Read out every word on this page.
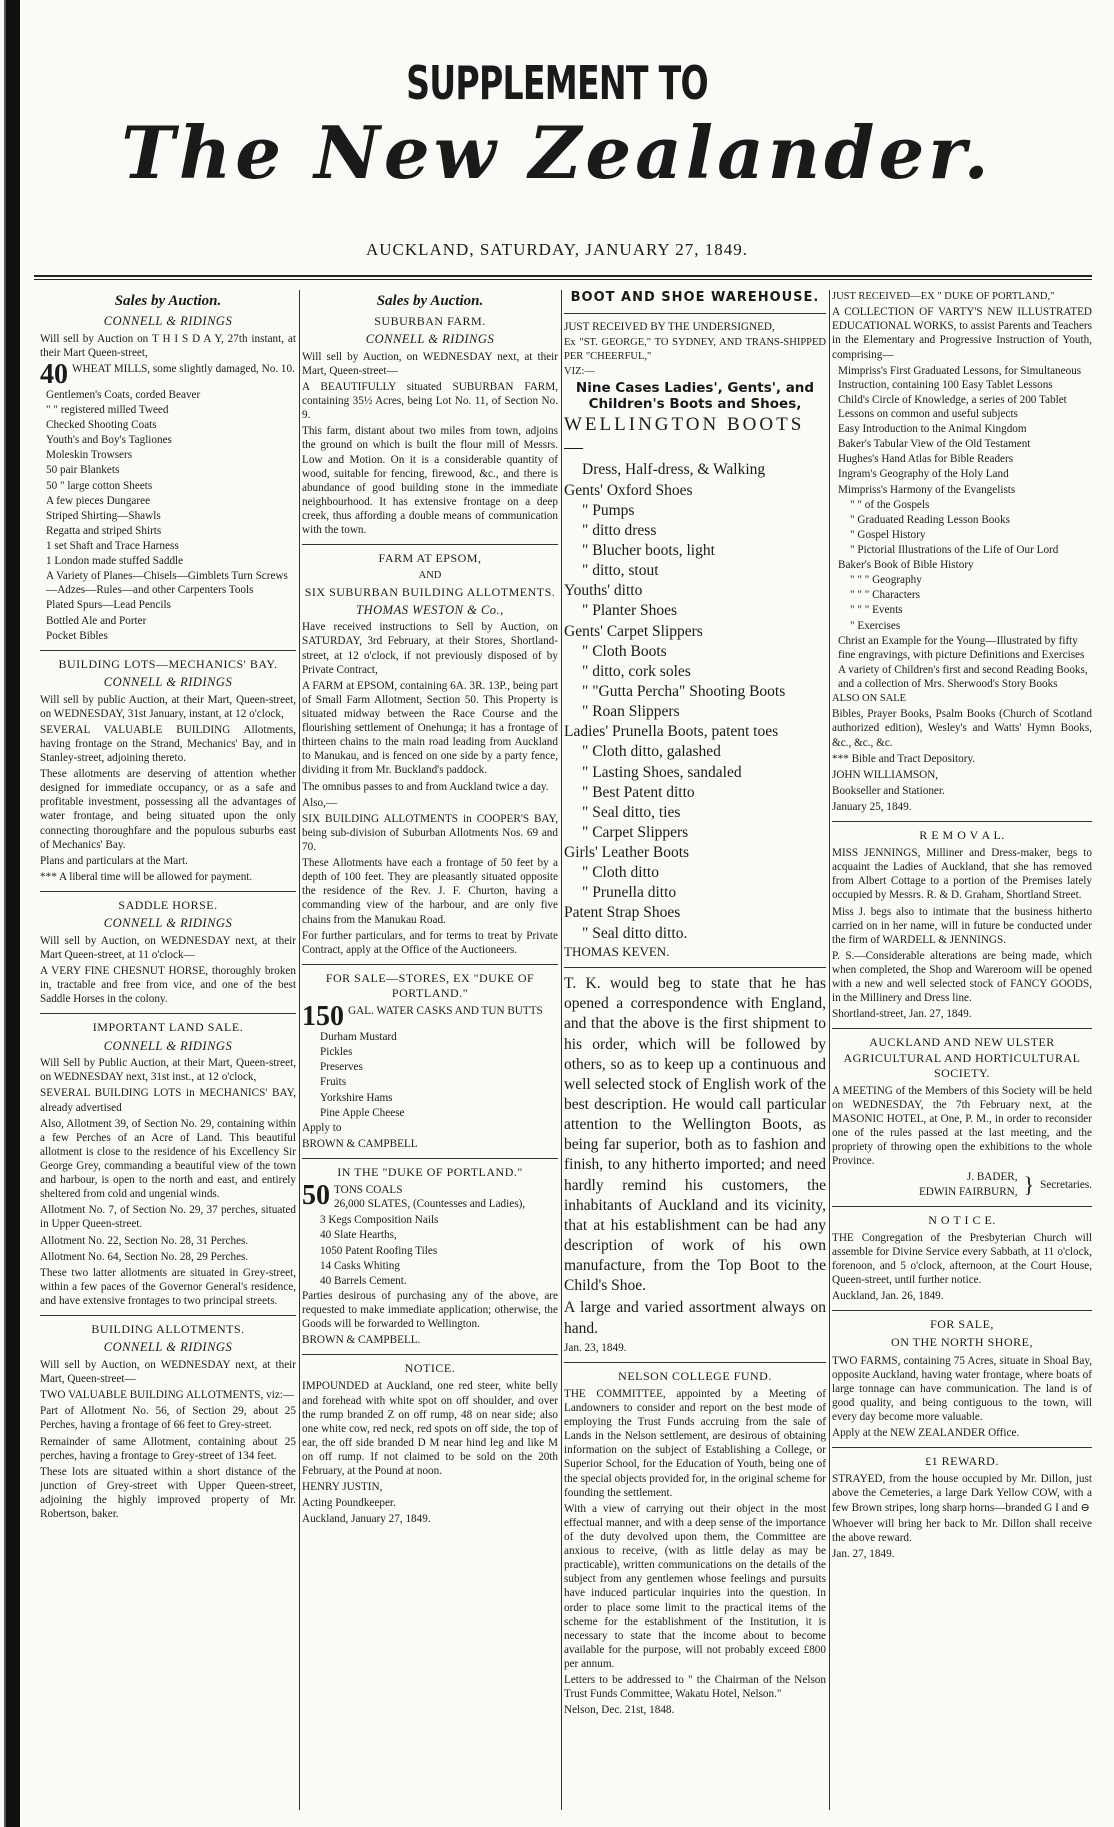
SUPPLEMENT TO
The New Zealander.
AUCKLAND, SATURDAY, JANUARY 27, 1849.
Sales by Auction.
CONNELL & RIDINGS

Will sell by Auction on T H I S D A Y, 27th instant, at their Mart Queen-street,

40 WHEAT MILLS, some slightly damaged, No. 10.

Gentlemen's Coats, corded Beaver
" " registered milled Tweed
Checked Shooting Coats
Youth's and Boy's Tagliones
Moleskin Trowsers
50 pair Blankets
50 " large cotton Sheets
A few pieces Dungaree
Striped Shirting—Shawls
Regatta and striped Shirts
1 set Shaft and Trace Harness
1 London made stuffed Saddle
A Variety of Planes—Chisels—Gimblets Turn Screws—Adzes—Rules—and other Carpenters Tools
Plated Spurs—Lead Pencils
Bottled Ale and Porter
Pocket Bibles
BUILDING LOTS—MECHANICS' BAY.
CONNELL & RIDINGS

Will sell by public Auction, at their Mart, Queen-street, on WEDNESDAY, 31st January, instant, at 12 o'clock,

SEVERAL VALUABLE BUILDING Allotments, having frontage on the Strand, Mechanics' Bay, and in Stanley-street, adjoining thereto.

These allotments are deserving of attention whether designed for immediate occupancy, or as a safe and profitable investment, possessing all the advantages of water frontage, and being situated upon the only connecting thoroughfare and the populous suburbs east of Mechanics' Bay.

Plans and particulars at the Mart.

*** A liberal time will be allowed for payment.

SADDLE HORSE.
CONNELL & RIDINGS

Will sell by Auction, on WEDNESDAY next, at their Mart Queen-street, at 11 o'clock—

A VERY FINE CHESNUT HORSE, thoroughly broken in, tractable and free from vice, and one of the best Saddle Horses in the colony.

IMPORTANT LAND SALE.
CONNELL & RIDINGS

Will Sell by Public Auction, at their Mart, Queen-street, on WEDNESDAY next, 31st inst., at 12 o'clock,

SEVERAL BUILDING LOTS in MECHANICS' BAY, already advertised

Also, Allotment 39, of Section No. 29, containing within a few Perches of an Acre of Land. This beautiful allotment is close to the residence of his Excellency Sir George Grey, commanding a beautiful view of the town and harbour, is open to the north and east, and entirely sheltered from cold and ungenial winds.

Allotment No. 7, of Section No. 29, 37 perches, situated in Upper Queen-street.

Allotment No. 22, Section No. 28, 31 Perches.

Allotment No. 64, Section No. 28, 29 Perches.

These two latter allotments are situated in Grey-street, within a few paces of the Governor General's residence, and have extensive frontages to two principal streets.

BUILDING ALLOTMENTS.
CONNELL & RIDINGS

Will sell by Auction, on WEDNESDAY next, at their Mart, Queen-street—

TWO VALUABLE BUILDING ALLOTMENTS, viz:—

Part of Allotment No. 56, of Section 29, about 25 Perches, having a frontage of 66 feet to Grey-street.

Remainder of same Allotment, containing about 25 perches, having a frontage to Grey-street of 134 feet.

These lots are situated within a short distance of the junction of Grey-street with Upper Queen-street, adjoining the highly improved property of Mr. Robertson, baker.

Sales by Auction.
SUBURBAN FARM.
CONNELL & RIDINGS

Will sell by Auction, on WEDNESDAY next, at their Mart, Queen-street—

A BEAUTIFULLY situated SUBURBAN FARM, containing 35½ Acres, being Lot No. 11, of Section No. 9.

This farm, distant about two miles from town, adjoins the ground on which is built the flour mill of Messrs. Low and Motion. On it is a considerable quantity of wood, suitable for fencing, firewood, &c., and there is abundance of good building stone in the immediate neighbourhood. It has extensive frontage on a deep creek, thus affording a double means of communication with the town.

FARM AT EPSOM,
AND
SIX SUBURBAN BUILDING ALLOTMENTS.
THOMAS WESTON & Co.,

Have received instructions to Sell by Auction, on SATURDAY, 3rd February, at their Stores, Shortland-street, at 12 o'clock, if not previously disposed of by Private Contract,

A FARM at EPSOM, containing 6A. 3R. 13P., being part of Small Farm Allotment, Section 50. This Property is situated midway between the Race Course and the flourishing settlement of Onehunga; it has a frontage of thirteen chains to the main road leading from Auckland to Manukau, and is fenced on one side by a party fence, dividing it from Mr. Buckland's paddock.

The omnibus passes to and from Auckland twice a day.

Also,—

SIX BUILDING ALLOTMENTS in COOPER'S BAY, being sub-division of Suburban Allotments Nos. 69 and 70.

These Allotments have each a frontage of 50 feet by a depth of 100 feet. They are pleasantly situated opposite the residence of the Rev. J. F. Churton, having a commanding view of the harbour, and are only five chains from the Manukau Road.

For further particulars, and for terms to treat by Private Contract, apply at the Office of the Auctioneers.

FOR SALE—STORES, EX "DUKE OF PORTLAND."

150 GAL. WATER CASKS AND TUN BUTTS

Durham Mustard
Pickles
Preserves
Fruits
Yorkshire Hams
Pine Apple Cheese

Apply to

BROWN & CAMPBELL

IN THE "DUKE OF PORTLAND."

50 TONS COALS
26,000 SLATES, (Countesses and Ladies),

3 Kegs Composition Nails
40 Slate Hearths,
1050 Patent Roofing Tiles
14 Casks Whiting
40 Barrels Cement.

Parties desirous of purchasing any of the above, are requested to make immediate application; otherwise, the Goods will be forwarded to Wellington.

BROWN & CAMPBELL.

NOTICE.

IMPOUNDED at Auckland, one red steer, white belly and forehead with white spot on off shoulder, and over the rump branded Z on off rump, 48 on near side; also one white cow, red neck, red spots on off side, the top of ear, the off side branded D M near hind leg and like M on off rump. If not claimed to be sold on the 20th February, at the Pound at noon.

HENRY JUSTIN,

Acting Poundkeeper.

Auckland, January 27, 1849.

BOOT AND SHOE WAREHOUSE.

JUST RECEIVED BY THE UNDERSIGNED,

Ex "ST. GEORGE," TO SYDNEY, AND TRANS-SHIPPED PER "CHEERFUL,"

VIZ:—

Nine Cases Ladies', Gents', and Children's Boots and Shoes,
WELLINGTON BOOTS—
Dress, Half-dress, & Walking
Gents' Oxford Shoes
" Pumps
" ditto dress
" Blucher boots, light
" ditto, stout
Youths' ditto
" Planter Shoes
Gents' Carpet Slippers
" Cloth Boots
" ditto, cork soles
" "Gutta Percha" Shooting Boots
" Roan Slippers
Ladies' Prunella Boots, patent toes
" Cloth ditto, galashed
" Lasting Shoes, sandaled
" Best Patent ditto
" Seal ditto, ties
" Carpet Slippers
Girls' Leather Boots
" Cloth ditto
" Prunella ditto
Patent Strap Shoes
" Seal ditto ditto.

THOMAS KEVEN.

T. K. would beg to state that he has opened a correspondence with England, and that the above is the first shipment to his order, which will be followed by others, so as to keep up a continuous and well selected stock of English work of the best description. He would call particular attention to the Wellington Boots, as being far superior, both as to fashion and finish, to any hitherto imported; and need hardly remind his customers, the inhabitants of Auckland and its vicinity, that at his establishment can be had any description of work of his own manufacture, from the Top Boot to the Child's Shoe.

A large and varied assortment always on hand.

Jan. 23, 1849.

NELSON COLLEGE FUND.

THE COMMITTEE, appointed by a Meeting of Landowners to consider and report on the best mode of employing the Trust Funds accruing from the sale of Lands in the Nelson settlement, are desirous of obtaining information on the subject of Establishing a College, or Superior School, for the Education of Youth, being one of the special objects provided for, in the original scheme for founding the settlement.

With a view of carrying out their object in the most effectual manner, and with a deep sense of the importance of the duty devolved upon them, the Committee are anxious to receive, (with as little delay as may be practicable), written communications on the details of the subject from any gentlemen whose feelings and pursuits have induced particular inquiries into the question. In order to place some limit to the practical items of the scheme for the establishment of the Institution, it is necessary to state that the income about to become available for the purpose, will not probably exceed £800 per annum.

Letters to be addressed to " the Chairman of the Nelson Trust Funds Committee, Wakatu Hotel, Nelson."

Nelson, Dec. 21st, 1848.

JUST RECEIVED—EX " DUKE OF PORTLAND,"

A COLLECTION OF VARTY'S NEW ILLUSTRATED EDUCATIONAL WORKS, to assist Parents and Teachers in the Elementary and Progressive Instruction of Youth, comprising—

Mimpriss's First Graduated Lessons, for Simultaneous Instruction, containing 100 Easy Tablet Lessons
Child's Circle of Knowledge, a series of 200 Tablet Lessons on common and useful subjects
Easy Introduction to the Animal Kingdom
Baker's Tabular View of the Old Testament
Hughes's Hand Atlas for Bible Readers
Ingram's Geography of the Holy Land
Mimpriss's Harmony of the Evangelists
" " of the Gospels
" Graduated Reading Lesson Books
" Gospel History
" Pictorial Illustrations of the Life of Our Lord
Baker's Book of Bible History
" " " Geography
" " " Characters
" " " Events
" Exercises
Christ an Example for the Young—Illustrated by fifty fine engravings, with picture Definitions and Exercises
A variety of Children's first and second Reading Books, and a collection of Mrs. Sherwood's Story Books

ALSO ON SALE

Bibles, Prayer Books, Psalm Books (Church of Scotland authorized edition), Wesley's and Watts' Hymn Books, &c., &c., &c.

*** Bible and Tract Depository.

JOHN WILLIAMSON,

Bookseller and Stationer.

January 25, 1849.

R E M O V A L.

MISS JENNINGS, Milliner and Dress-maker, begs to acquaint the Ladies of Auckland, that she has removed from Albert Cottage to a portion of the Premises lately occupied by Messrs. R. & D. Graham, Shortland Street.

Miss J. begs also to intimate that the business hitherto carried on in her name, will in future be conducted under the firm of WARDELL & JENNINGS.

P. S.—Considerable alterations are being made, which when completed, the Shop and Wareroom will be opened with a new and well selected stock of FANCY GOODS, in the Millinery and Dress line.

Shortland-street, Jan. 27, 1849.

AUCKLAND AND NEW ULSTER AGRICULTURAL AND HORTICULTURAL SOCIETY.

A MEETING of the Members of this Society will be held on WEDNESDAY, the 7th February next, at the MASONIC HOTEL, at One, P. M., in order to reconsider one of the rules passed at the last meeting, and the propriety of throwing open the exhibitions to the whole Province.

J. BADER,
EDWIN FAIRBURN, } Secretaries.
N O T I C E.

THE Congregation of the Presbyterian Church will assemble for Divine Service every Sabbath, at 11 o'clock, forenoon, and 5 o'clock, afternoon, at the Court House, Queen-street, until further notice.

Auckland, Jan. 26, 1849.

FOR SALE,
ON THE NORTH SHORE,

TWO FARMS, containing 75 Acres, situate in Shoal Bay, opposite Auckland, having water frontage, where boats of large tonnage can have communication. The land is of good quality, and being contiguous to the town, will every day become more valuable.

Apply at the NEW ZEALANDER Office.

£1 REWARD.

STRAYED, from the house occupied by Mr. Dillon, just above the Cemeteries, a large Dark Yellow COW, with a few Brown stripes, long sharp horns—branded G I and ⊖

Whoever will bring her back to Mr. Dillon shall receive the above reward.

Jan. 27, 1849.
